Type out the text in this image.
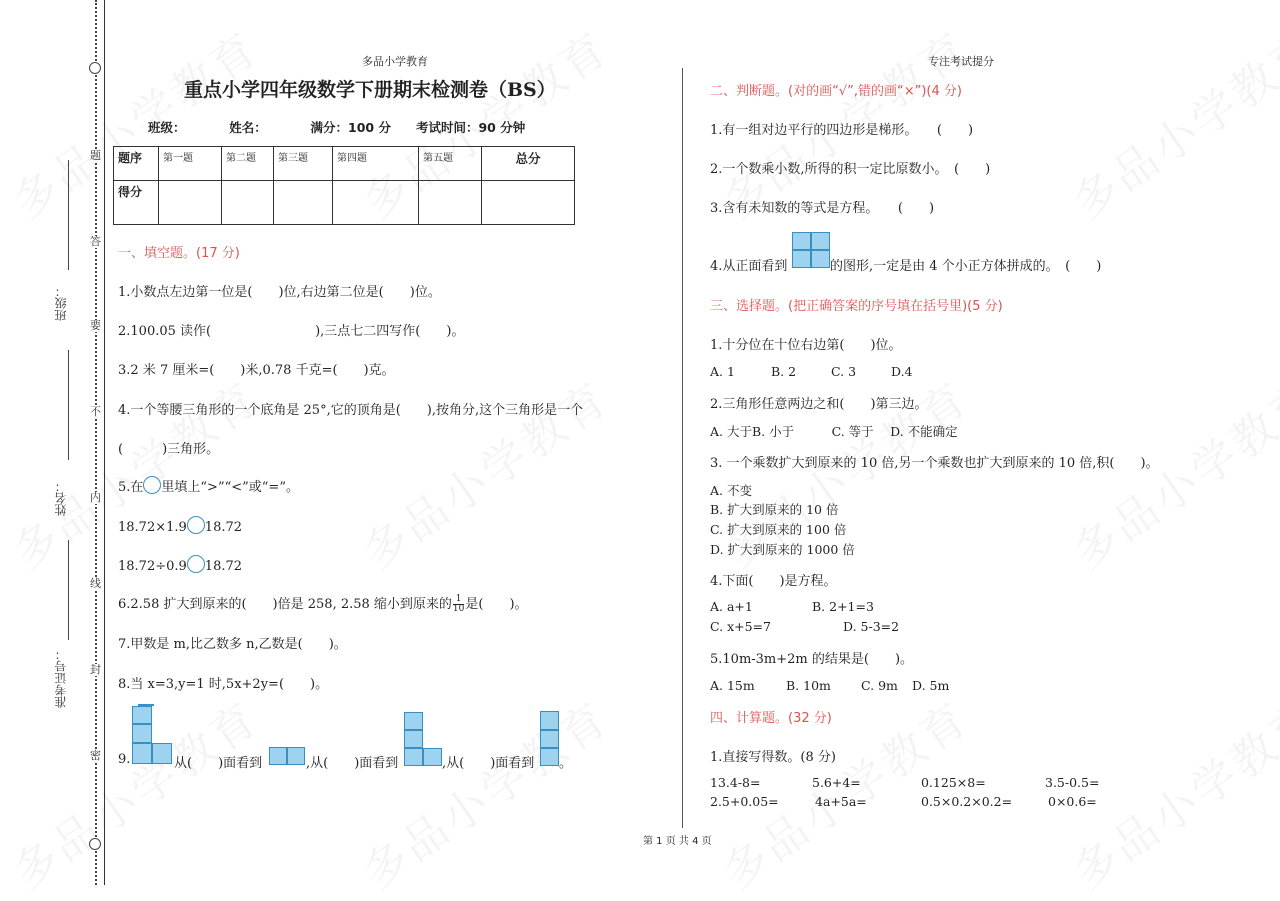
题
答
要
不
内
线
封
密
班级：
姓名：
准考证号：
多品小学教育	专注考试提分
重点小学四年级数学下册期末检测卷（BS）
班级：　　　　姓名：　　　　满分：100 分　　考试时间：90 分钟
题序	第一题	第二题	第三题	第四题	第五题	总分
得分						
一、填空题。(17 分)
1.小数点左边第一位是(　　)位,右边第二位是(　　)位。
2.100.05 读作(　　　　　　　　),三点七二四写作(　　)。
3.2 米 7 厘米=(　　)米,0.78 千克=(　　)克。
4.一个等腰三角形的一个底角是 25°,它的顶角是(　　),按角分,这个三角形是一个
(　　　)三角形。
5.在 里填上“>”“<”或“=”。
18.72×1.9 18.72
18.72÷0.9 18.72
6.2.58 扩大到原来的(　　)倍是 258, 2.58 缩小到原来的 $\frac{1}{10}$ 是(　　)。
7.甲数是 m,比乙数多 n,乙数是(　　)。
8.当 x=3,y=1 时,5x+2y=(　　)。
9.	从(　　)面看到	,从(　　)面看到	,从(　　)面看到 。
二、判断题。(对的画“√”,错的画“×”)(4 分)
1.有一组对边平行的四边形是梯形。　　(　　)
2.一个数乘小数,所得的积一定比原数小。　(　　)
3.含有未知数的等式是方程。　　(　　)
4.从正面看到	的图形,一定是由 4 个小正方体拼成的。　(　　)
三、选择题。(把正确答案的序号填在括号里)(5 分)
1.十分位在十位右边第(　　)位。
A. 1	B. 2	C. 3	D.4
2.三角形任意两边之和(　　)第三边。
A. 大于B. 小于　　　C. 等于　 D. 不能确定
3. 一个乘数扩大到原来的 10 倍,另一个乘数也扩大到原来的 10 倍,积(　　)。
A. 不变
B. 扩大到原来的 10 倍
C. 扩大到原来的 100 倍
D. 扩大到原来的 1000 倍
4.下面(　　)是方程。
A. a+1	B. 2+1=3
C. x+5=7	D. 5-3=2
5.10m-3m+2m 的结果是(　　)。
A. 15m	B. 10m C. 9m D. 5m
四、计算题。(32 分)
1.直接写得数。(8 分)
13.4-8=	5.6+4=	0.125×8=	3.5-0.5=
2.5+0.05=	4a+5a=	0.5×0.2×0.2=	0×0.6=
第 1 页 共 4 页
